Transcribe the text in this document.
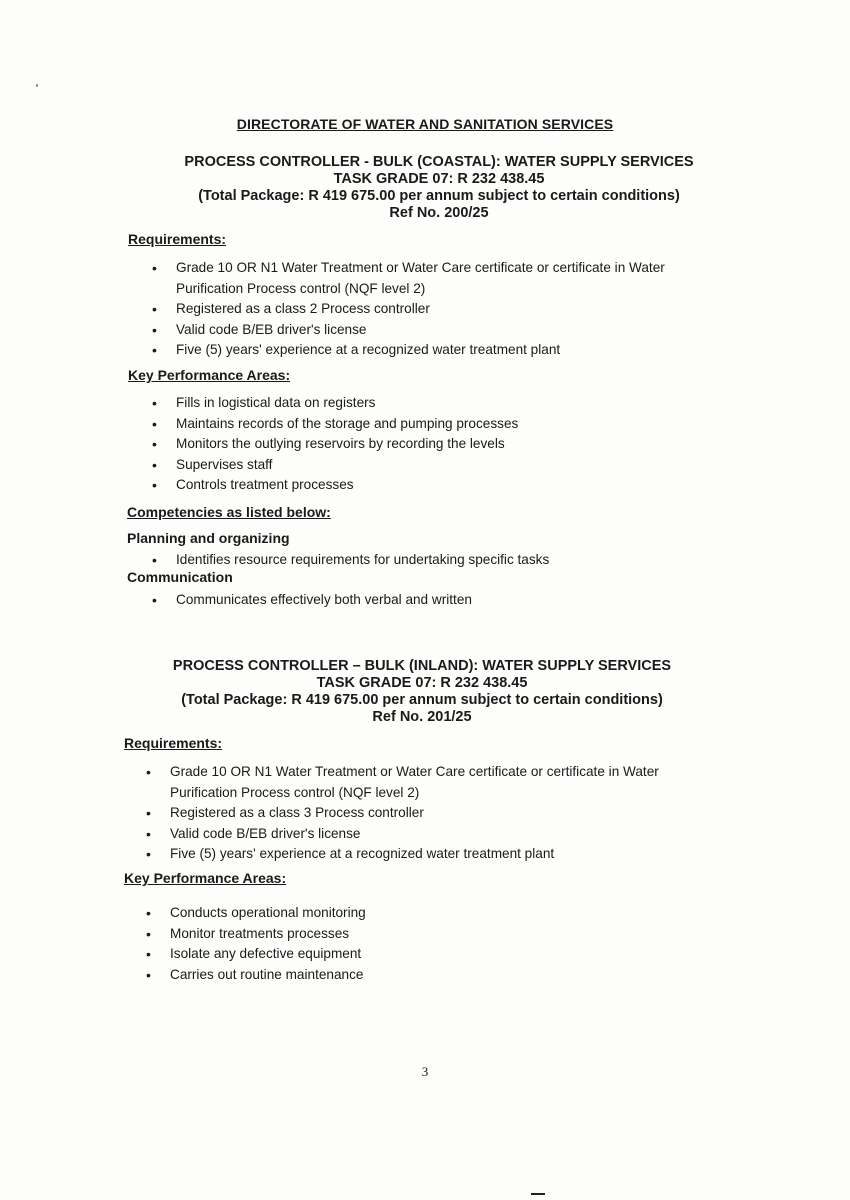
DIRECTORATE OF WATER AND SANITATION SERVICES
PROCESS CONTROLLER - BULK (COASTAL): WATER SUPPLY SERVICES
TASK GRADE 07: R 232 438.45
(Total Package: R 419 675.00 per annum subject to certain conditions)
Ref No. 200/25
Requirements:
• Grade 10 OR N1 Water Treatment or Water Care certificate or certificate in Water
Purification Process control (NQF level 2)
• Registered as a class 2 Process controller
• Valid code B/EB driver's license
• Five (5) years' experience at a recognized water treatment plant
Key Performance Areas:
• Fills in logistical data on registers
• Maintains records of the storage and pumping processes
• Monitors the outlying reservoirs by recording the levels
• Supervises staff
• Controls treatment processes
Competencies as listed below:
Planning and organizing
• Identifies resource requirements for undertaking specific tasks
Communication
• Communicates effectively both verbal and written
PROCESS CONTROLLER – BULK (INLAND): WATER SUPPLY SERVICES
TASK GRADE 07: R 232 438.45
(Total Package: R 419 675.00 per annum subject to certain conditions)
Ref No. 201/25
Requirements:
• Grade 10 OR N1 Water Treatment or Water Care certificate or certificate in Water
Purification Process control (NQF level 2)
• Registered as a class 3 Process controller
• Valid code B/EB driver's license
• Five (5) years' experience at a recognized water treatment plant
Key Performance Areas:
• Conducts operational monitoring
• Monitor treatments processes
• Isolate any defective equipment
• Carries out routine maintenance
3
